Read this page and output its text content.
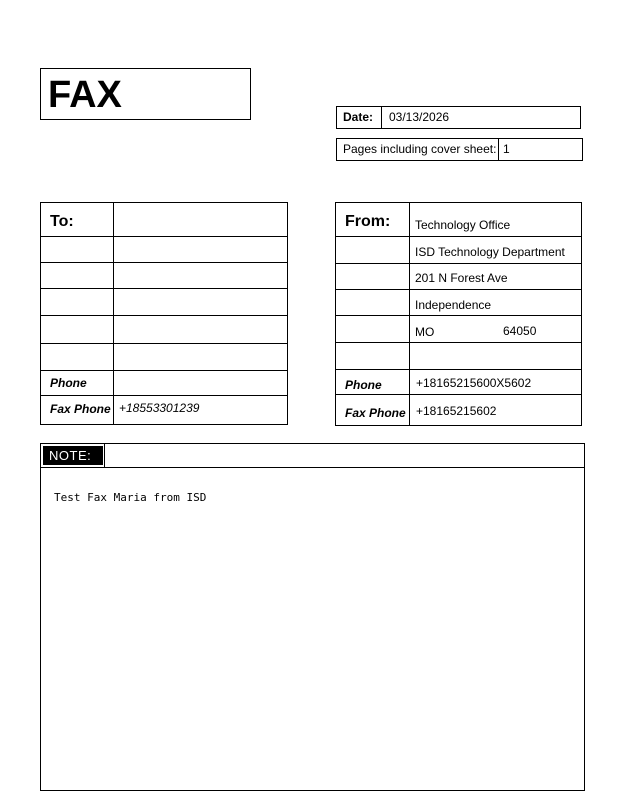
FAX
Date:	03/13/2026
Pages including cover sheet: 1
To:
Phone
Fax Phone +18553301239
From: Technology Office
ISD Technology Department
201 N Forest Ave
Independence
MO	64050
Phone	+18165215600X5602
Fax Phone +18165215602
NOTE:
Test Fax Maria from ISD
